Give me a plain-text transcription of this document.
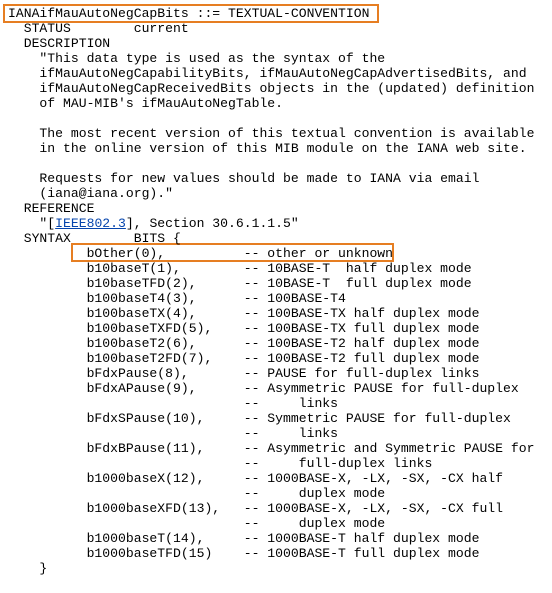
IANAifMauAutoNegCapBits ::= TEXTUAL-CONVENTION
STATUS        current
DESCRIPTION
"This data type is used as the syntax of the
ifMauAutoNegCapabilityBits, ifMauAutoNegCapAdvertisedBits, and
ifMauAutoNegCapReceivedBits objects in the (updated) definition
of MAU-MIB's ifMauAutoNegTable.
The most recent version of this textual convention is available
in the online version of this MIB module on the IANA web site.
Requests for new values should be made to IANA via email
(iana@iana.org)."
REFERENCE
"[IEEE802.3], Section 30.6.1.1.5"
SYNTAX        BITS {
bOther(0),          -- other or unknown
b10baseT(1),        -- 10BASE-T  half duplex mode
b10baseTFD(2),      -- 10BASE-T  full duplex mode
b100baseT4(3),      -- 100BASE-T4
b100baseTX(4),      -- 100BASE-TX half duplex mode
b100baseTXFD(5),    -- 100BASE-TX full duplex mode
b100baseT2(6),      -- 100BASE-T2 half duplex mode
b100baseT2FD(7),    -- 100BASE-T2 full duplex mode
bFdxPause(8),       -- PAUSE for full-duplex links
bFdxAPause(9),      -- Asymmetric PAUSE for full-duplex
--     links
bFdxSPause(10),     -- Symmetric PAUSE for full-duplex
--     links
bFdxBPause(11),     -- Asymmetric and Symmetric PAUSE for
--     full-duplex links
b1000baseX(12),     -- 1000BASE-X, -LX, -SX, -CX half
--     duplex mode
b1000baseXFD(13),   -- 1000BASE-X, -LX, -SX, -CX full
--     duplex mode
b1000baseT(14),     -- 1000BASE-T half duplex mode
b1000baseTFD(15)    -- 1000BASE-T full duplex mode
}
